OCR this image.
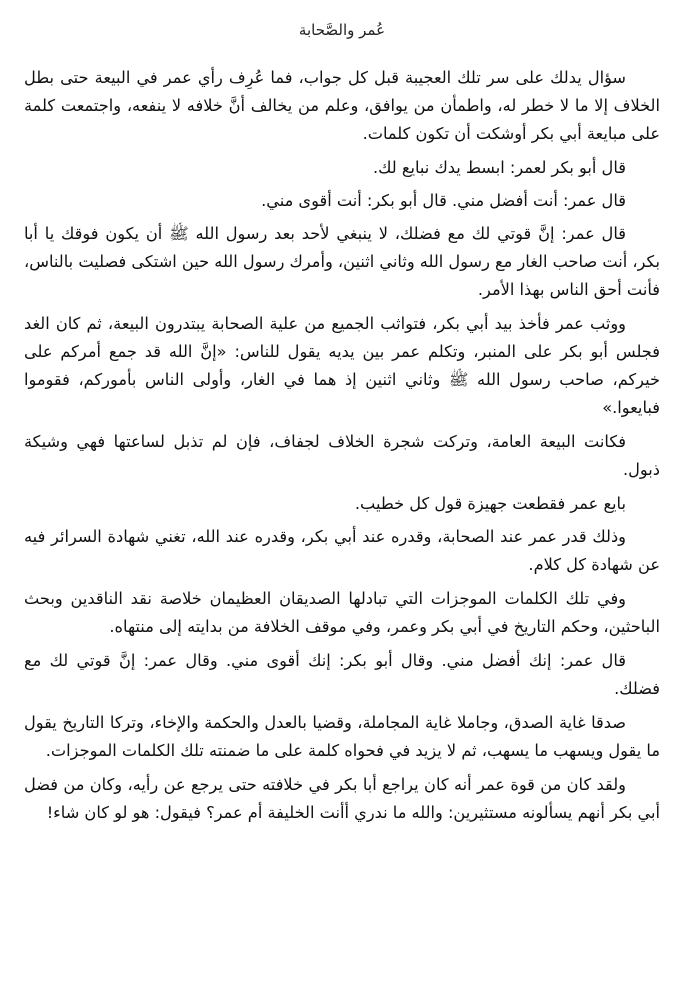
عُمر والصَّحابة

سؤال يدلك على سر تلك العجيبة قبل كل جواب، فما عُرِف رأي عمر في البيعة حتى بطل الخلاف إلا ما لا خطر له، واطمأن من يوافق، وعلم من يخالف أنَّ خلافه لا ينفعه، واجتمعت كلمة على مبايعة أبي بكر أوشكت أن تكون كلمات.

قال أبو بكر لعمر: ابسط يدك نبايع لك.

قال عمر: أنت أفضل مني. قال أبو بكر: أنت أقوى مني.

قال عمر: إنَّ قوتي لك مع فضلك، لا ينبغي لأحد بعد رسول الله ﷺ أن يكون فوقك يا أبا بكر، أنت صاحب الغار مع رسول الله وثاني اثنين، وأمرك رسول الله حين اشتكى فصليت بالناس، فأنت أحق الناس بهذا الأمر.

ووثب عمر فأخذ بيد أبي بكر، فتواثب الجميع من علية الصحابة يبتدرون البيعة، ثم كان الغد فجلس أبو بكر على المنبر، وتكلم عمر بين يديه يقول للناس: «إنَّ الله قد جمع أمركم على خيركم، صاحب رسول الله ﷺ وثاني اثنين إذ هما في الغار، وأولى الناس بأموركم، فقوموا فبايعوا.»

فكانت البيعة العامة، وتركت شجرة الخلاف لجفاف، فإن لم تذبل لساعتها فهي وشيكة ذبول.

بايع عمر فقطعت جهيزة قول كل خطيب.

وذلك قدر عمر عند الصحابة، وقدره عند أبي بكر، وقدره عند الله، تغني شهادة السرائر فيه عن شهادة كل كلام.

وفي تلك الكلمات الموجزات التي تبادلها الصديقان العظيمان خلاصة نقد الناقدين وبحث الباحثين، وحكم التاريخ في أبي بكر وعمر، وفي موقف الخلافة من بدايته إلى منتهاه.

قال عمر: إنك أفضل مني. وقال أبو بكر: إنك أقوى مني. وقال عمر: إنَّ قوتي لك مع فضلك.

صدقا غاية الصدق، وجاملا غاية المجاملة، وقضيا بالعدل والحكمة والإخاء، وتركا التاريخ يقول ما يقول ويسهب ما يسهب، ثم لا يزيد في فحواه كلمة على ما ضمنته تلك الكلمات الموجزات.

ولقد كان من قوة عمر أنه كان يراجع أبا بكر في خلافته حتى يرجع عن رأيه، وكان من فضل أبي بكر أنهم يسألونه مستثيرين: والله ما ندري أأنت الخليفة أم عمر؟ فيقول: هو لو كان شاء!
